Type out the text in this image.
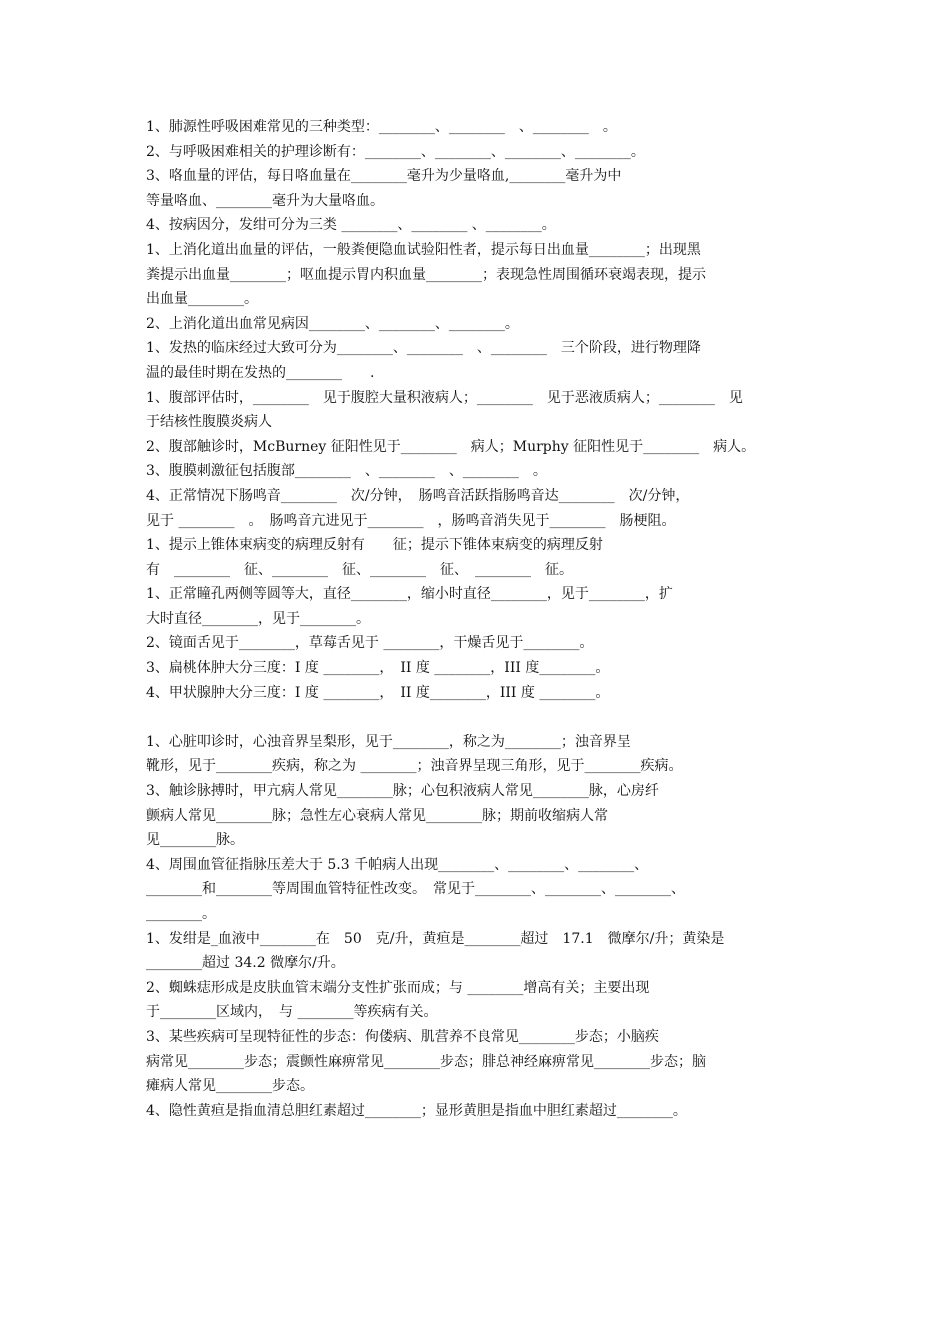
1、肺源性呼吸困难常见的三种类型：________、________　、________　。
2、与呼吸困难相关的护理诊断有：________、________、________、________。
3、咯血量的评估，每日咯血量在________毫升为少量咯血,________毫升为中
等量咯血、________毫升为大量咯血。
4、按病因分，发绀可分为三类 ________、________ 、________。
1、上消化道出血量的评估，一般粪便隐血试验阳性者，提示每日出血量________；出现黑
粪提示出血量________；呕血提示胃内积血量________；表现急性周围循环衰竭表现，提示
出血量________。
2、上消化道出血常见病因________、________、________。
1、发热的临床经过大致可分为________、________　、________　三个阶段，进行物理降
温的最佳时期在发热的________　　.
1、腹部评估时，________　见于腹腔大量积液病人；________　见于恶液质病人；________　见
于结核性腹膜炎病人
2、腹部触诊时，McBurney 征阳性见于________　病人；Murphy 征阳性见于________　病人。
3、腹膜刺激征包括腹部________　、________　、________　。
4、正常情况下肠鸣音________　次/分钟，　肠鸣音活跃指肠鸣音达________　次/分钟，
见于 ________　。　肠鸣音亢进见于________　，肠鸣音消失见于________　肠梗阻。
1、提示上锥体束病变的病理反射有　　征；提示下锥体束病变的病理反射
有　________　征、________　征、________　征、　________　征。
1、正常瞳孔两侧等圆等大，直径________，缩小时直径________，见于________，扩
大时直径________，见于________。
2、镜面舌见于________，草莓舌见于 ________，干燥舌见于________。
3、扁桃体肿大分三度：I 度 ________，　II 度 ________，III 度________。
4、甲状腺肿大分三度：I 度 ________，　II 度________，III 度 ________。
1、心脏叩诊时，心浊音界呈梨形，见于________，称之为________；浊音界呈
靴形，见于________疾病，称之为 ________；浊音界呈现三角形，见于________疾病。
3、触诊脉搏时，甲亢病人常见________脉；心包积液病人常见________脉，心房纤
颤病人常见________脉；急性左心衰病人常见________脉；期前收缩病人常
见________脉。
4、周围血管征指脉压差大于 5.3 千帕病人出现________、________、________、
________和________等周围血管特征性改变。　常见于________、________、________、
________。
1、发绀是_血液中________在　50　克/升，黄疸是________超过　17.1　微摩尔/升；黄染是
________超过 34.2 微摩尔/升。
2、蜘蛛痣形成是皮肤血管末端分支性扩张而成；与 ________增高有关；主要出现
于________区域内，　与 ________等疾病有关。
3、某些疾病可呈现特征性的步态：佝偻病、肌营养不良常见________步态；小脑疾
病常见________步态；震颤性麻痹常见________步态；腓总神经麻痹常见________步态；脑
瘫病人常见________步态。
4、隐性黄疸是指血清总胆红素超过________；显形黄胆是指血中胆红素超过________。
